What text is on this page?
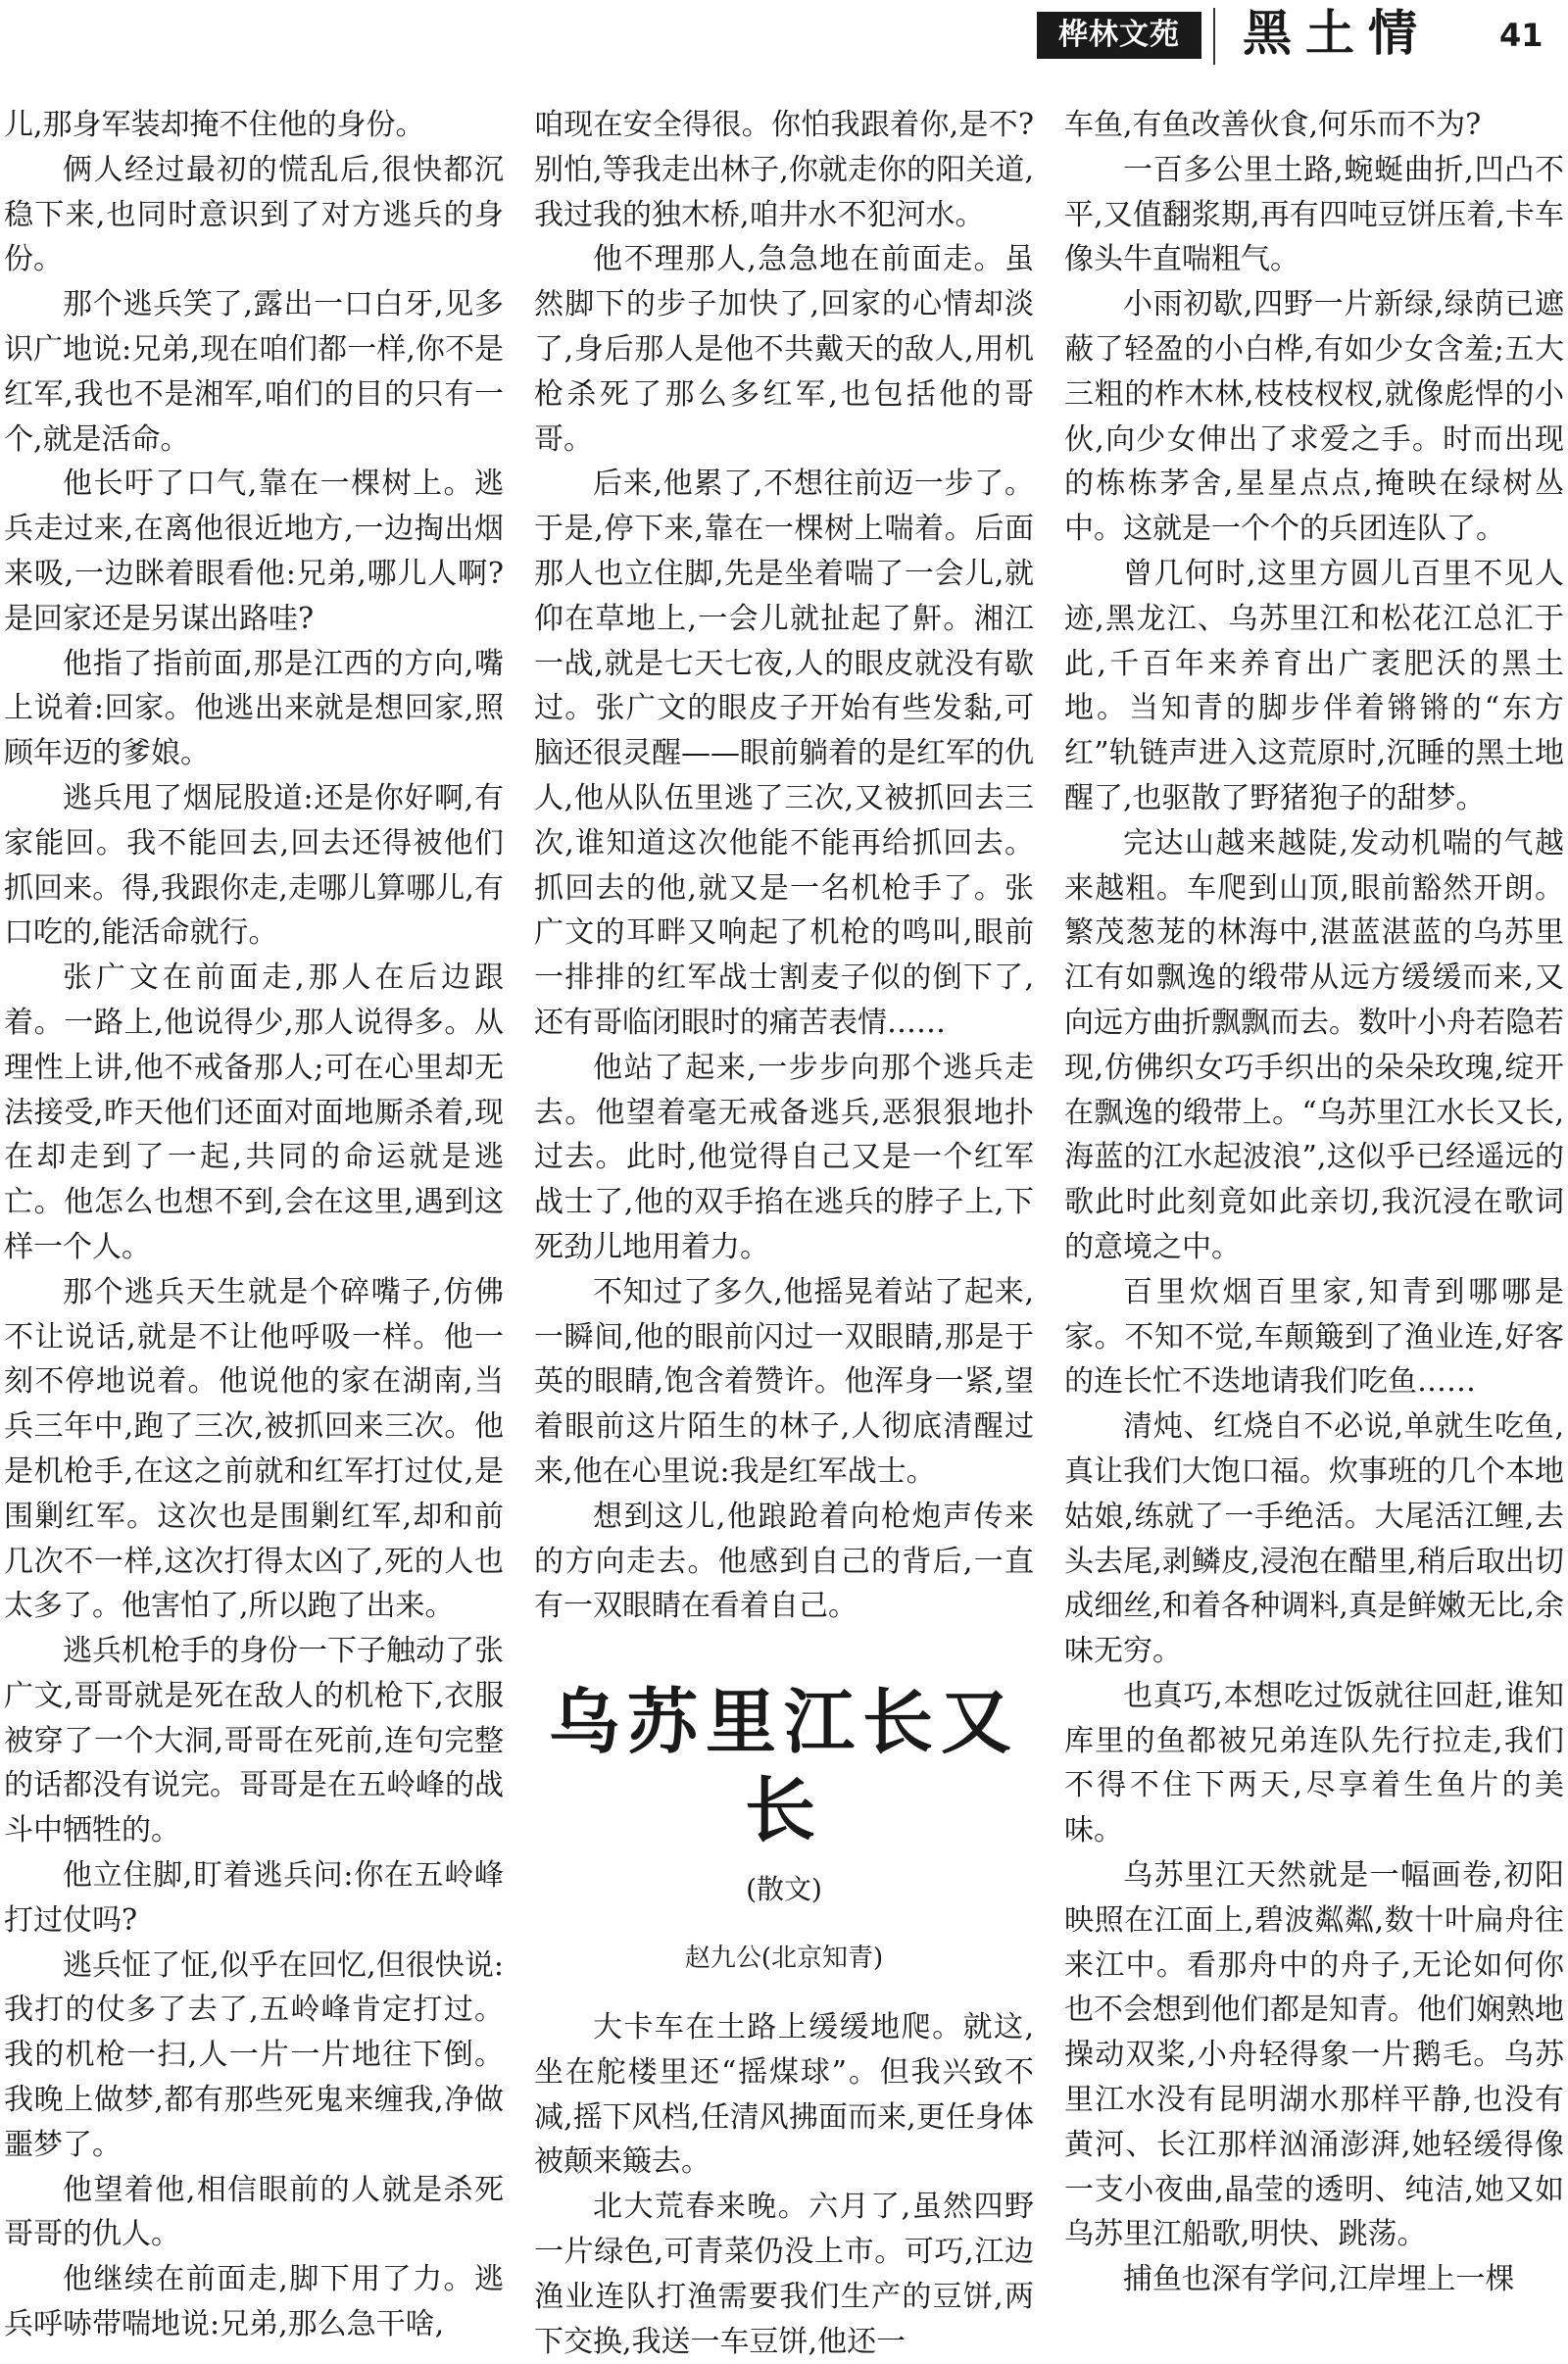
桦林文苑	黑土情 41

儿,那身军装却掩不住他的身份。

俩人经过最初的慌乱后,很快都沉稳下来,也同时意识到了对方逃兵的身份。

那个逃兵笑了,露出一口白牙,见多识广地说:兄弟,现在咱们都一样,你不是红军,我也不是湘军,咱们的目的只有一个,就是活命。

他长吁了口气,靠在一棵树上。逃兵走过来,在离他很近地方,一边掏出烟来吸,一边眯着眼看他:兄弟,哪儿人啊?是回家还是另谋出路哇?

他指了指前面,那是江西的方向,嘴上说着:回家。他逃出来就是想回家,照顾年迈的爹娘。

逃兵甩了烟屁股道:还是你好啊,有家能回。我不能回去,回去还得被他们抓回来。得,我跟你走,走哪儿算哪儿,有口吃的,能活命就行。

张广文在前面走,那人在后边跟着。一路上,他说得少,那人说得多。从理性上讲,他不戒备那人;可在心里却无法接受,昨天他们还面对面地厮杀着,现在却走到了一起,共同的命运就是逃亡。他怎么也想不到,会在这里,遇到这样一个人。

那个逃兵天生就是个碎嘴子,仿佛不让说话,就是不让他呼吸一样。他一刻不停地说着。他说他的家在湖南,当兵三年中,跑了三次,被抓回来三次。他是机枪手,在这之前就和红军打过仗,是围剿红军。这次也是围剿红军,却和前几次不一样,这次打得太凶了,死的人也太多了。他害怕了,所以跑了出来。

逃兵机枪手的身份一下子触动了张广文,哥哥就是死在敌人的机枪下,衣服被穿了一个大洞,哥哥在死前,连句完整的话都没有说完。哥哥是在五岭峰的战斗中牺牲的。

他立住脚,盯着逃兵问:你在五岭峰打过仗吗?

逃兵怔了怔,似乎在回忆,但很快说:我打的仗多了去了,五岭峰肯定打过。我的机枪一扫,人一片一片地往下倒。我晚上做梦,都有那些死鬼来缠我,净做噩梦了。

他望着他,相信眼前的人就是杀死哥哥的仇人。

他继续在前面走,脚下用了力。逃兵呼哧带喘地说:兄弟,那么急干啥,

咱现在安全得很。你怕我跟着你,是不?别怕,等我走出林子,你就走你的阳关道,我过我的独木桥,咱井水不犯河水。

他不理那人,急急地在前面走。虽然脚下的步子加快了,回家的心情却淡了,身后那人是他不共戴天的敌人,用机枪杀死了那么多红军,也包括他的哥哥。

后来,他累了,不想往前迈一步了。于是,停下来,靠在一棵树上喘着。后面那人也立住脚,先是坐着喘了一会儿,就仰在草地上,一会儿就扯起了鼾。湘江一战,就是七天七夜,人的眼皮就没有歇过。张广文的眼皮子开始有些发黏,可脑还很灵醒——眼前躺着的是红军的仇人,他从队伍里逃了三次,又被抓回去三次,谁知道这次他能不能再给抓回去。抓回去的他,就又是一名机枪手了。张广文的耳畔又响起了机枪的鸣叫,眼前一排排的红军战士割麦子似的倒下了,还有哥临闭眼时的痛苦表情……

他站了起来,一步步向那个逃兵走去。他望着毫无戒备逃兵,恶狠狠地扑过去。此时,他觉得自己又是一个红军战士了,他的双手掐在逃兵的脖子上,下死劲儿地用着力。

不知过了多久,他摇晃着站了起来,一瞬间,他的眼前闪过一双眼睛,那是于英的眼睛,饱含着赞许。他浑身一紧,望着眼前这片陌生的林子,人彻底清醒过来,他在心里说:我是红军战士。

想到这儿,他踉跄着向枪炮声传来的方向走去。他感到自己的背后,一直有一双眼睛在看着自己。

乌苏里江长又长
(散文)
赵九公(北京知青)

大卡车在土路上缓缓地爬。就这,坐在舵楼里还“摇煤球”。但我兴致不减,摇下风档,任清风拂面而来,更任身体被颠来簸去。

北大荒春来晚。六月了,虽然四野一片绿色,可青菜仍没上市。可巧,江边渔业连队打渔需要我们生产的豆饼,两下交换,我送一车豆饼,他还一

车鱼,有鱼改善伙食,何乐而不为?

一百多公里土路,蜿蜒曲折,凹凸不平,又值翻浆期,再有四吨豆饼压着,卡车像头牛直喘粗气。

小雨初歇,四野一片新绿,绿荫已遮蔽了轻盈的小白桦,有如少女含羞;五大三粗的柞木林,枝枝杈杈,就像彪悍的小伙,向少女伸出了求爱之手。时而出现的栋栋茅舍,星星点点,掩映在绿树丛中。这就是一个个的兵团连队了。

曾几何时,这里方圆儿百里不见人迹,黑龙江、乌苏里江和松花江总汇于此,千百年来养育出广袤肥沃的黑土地。当知青的脚步伴着锵锵的“东方红”轨链声进入这荒原时,沉睡的黑土地醒了,也驱散了野猪狍子的甜梦。

完达山越来越陡,发动机喘的气越来越粗。车爬到山顶,眼前豁然开朗。繁茂葱茏的林海中,湛蓝湛蓝的乌苏里江有如飘逸的缎带从远方缓缓而来,又向远方曲折飘飘而去。数叶小舟若隐若现,仿佛织女巧手织出的朵朵玫瑰,绽开在飘逸的缎带上。“乌苏里江水长又长,海蓝的江水起波浪”,这似乎已经遥远的歌此时此刻竟如此亲切,我沉浸在歌词的意境之中。

百里炊烟百里家,知青到哪哪是家。不知不觉,车颠簸到了渔业连,好客的连长忙不迭地请我们吃鱼……

清炖、红烧自不必说,单就生吃鱼,真让我们大饱口福。炊事班的几个本地姑娘,练就了一手绝活。大尾活江鲤,去头去尾,剥鳞皮,浸泡在醋里,稍后取出切成细丝,和着各种调料,真是鲜嫩无比,余味无穷。

也真巧,本想吃过饭就往回赶,谁知库里的鱼都被兄弟连队先行拉走,我们不得不住下两天,尽享着生鱼片的美味。

乌苏里江天然就是一幅画卷,初阳映照在江面上,碧波粼粼,数十叶扁舟往来江中。看那舟中的舟子,无论如何你也不会想到他们都是知青。他们娴熟地操动双桨,小舟轻得象一片鹅毛。乌苏里江水没有昆明湖水那样平静,也没有黄河、长江那样汹涌澎湃,她轻缓得像一支小夜曲,晶莹的透明、纯洁,她又如乌苏里江船歌,明快、跳荡。

捕鱼也深有学问,江岸埋上一棵
